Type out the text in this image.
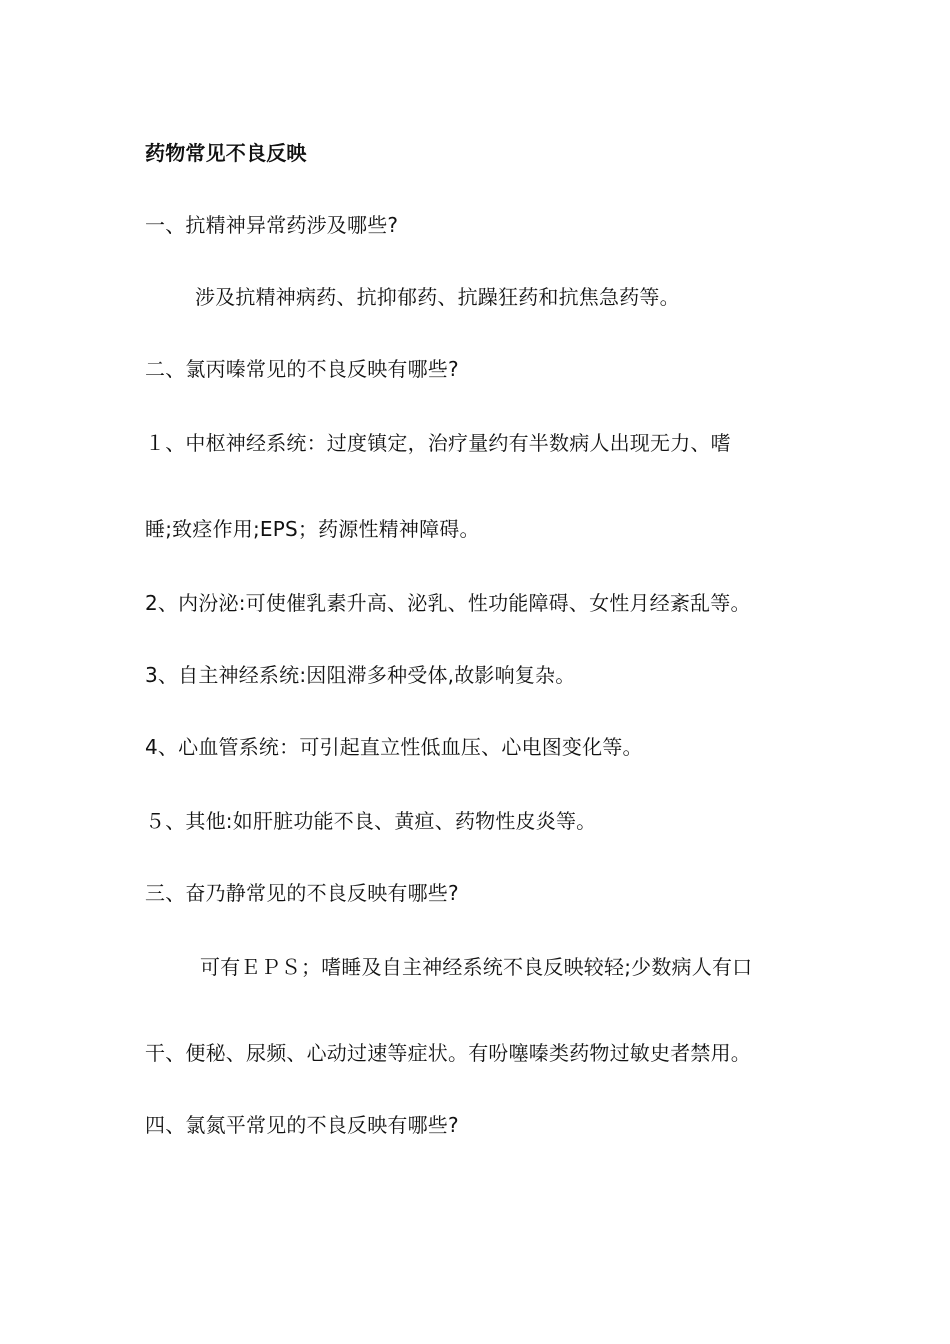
药物常见不良反映
一、抗精神异常药涉及哪些?
涉及抗精神病药、抗抑郁药、抗躁狂药和抗焦急药等。
二、氯丙嗪常见的不良反映有哪些?
１、中枢神经系统：过度镇定，治疗量约有半数病人出现无力、嗜
睡;致痉作用;EPS；药源性精神障碍。
2、内汾泌:可使催乳素升高、泌乳、性功能障碍、女性月经紊乱等。
3、自主神经系统:因阻滞多种受体,故影响复杂。
4、心血管系统：可引起直立性低血压、心电图变化等。
５、其他:如肝脏功能不良、黄疸、药物性皮炎等。
三、奋乃静常见的不良反映有哪些?
可有ＥＰＳ；嗜睡及自主神经系统不良反映较轻;少数病人有口
干、便秘、尿频、心动过速等症状。有吩噻嗪类药物过敏史者禁用。
四、氯氮平常见的不良反映有哪些?
